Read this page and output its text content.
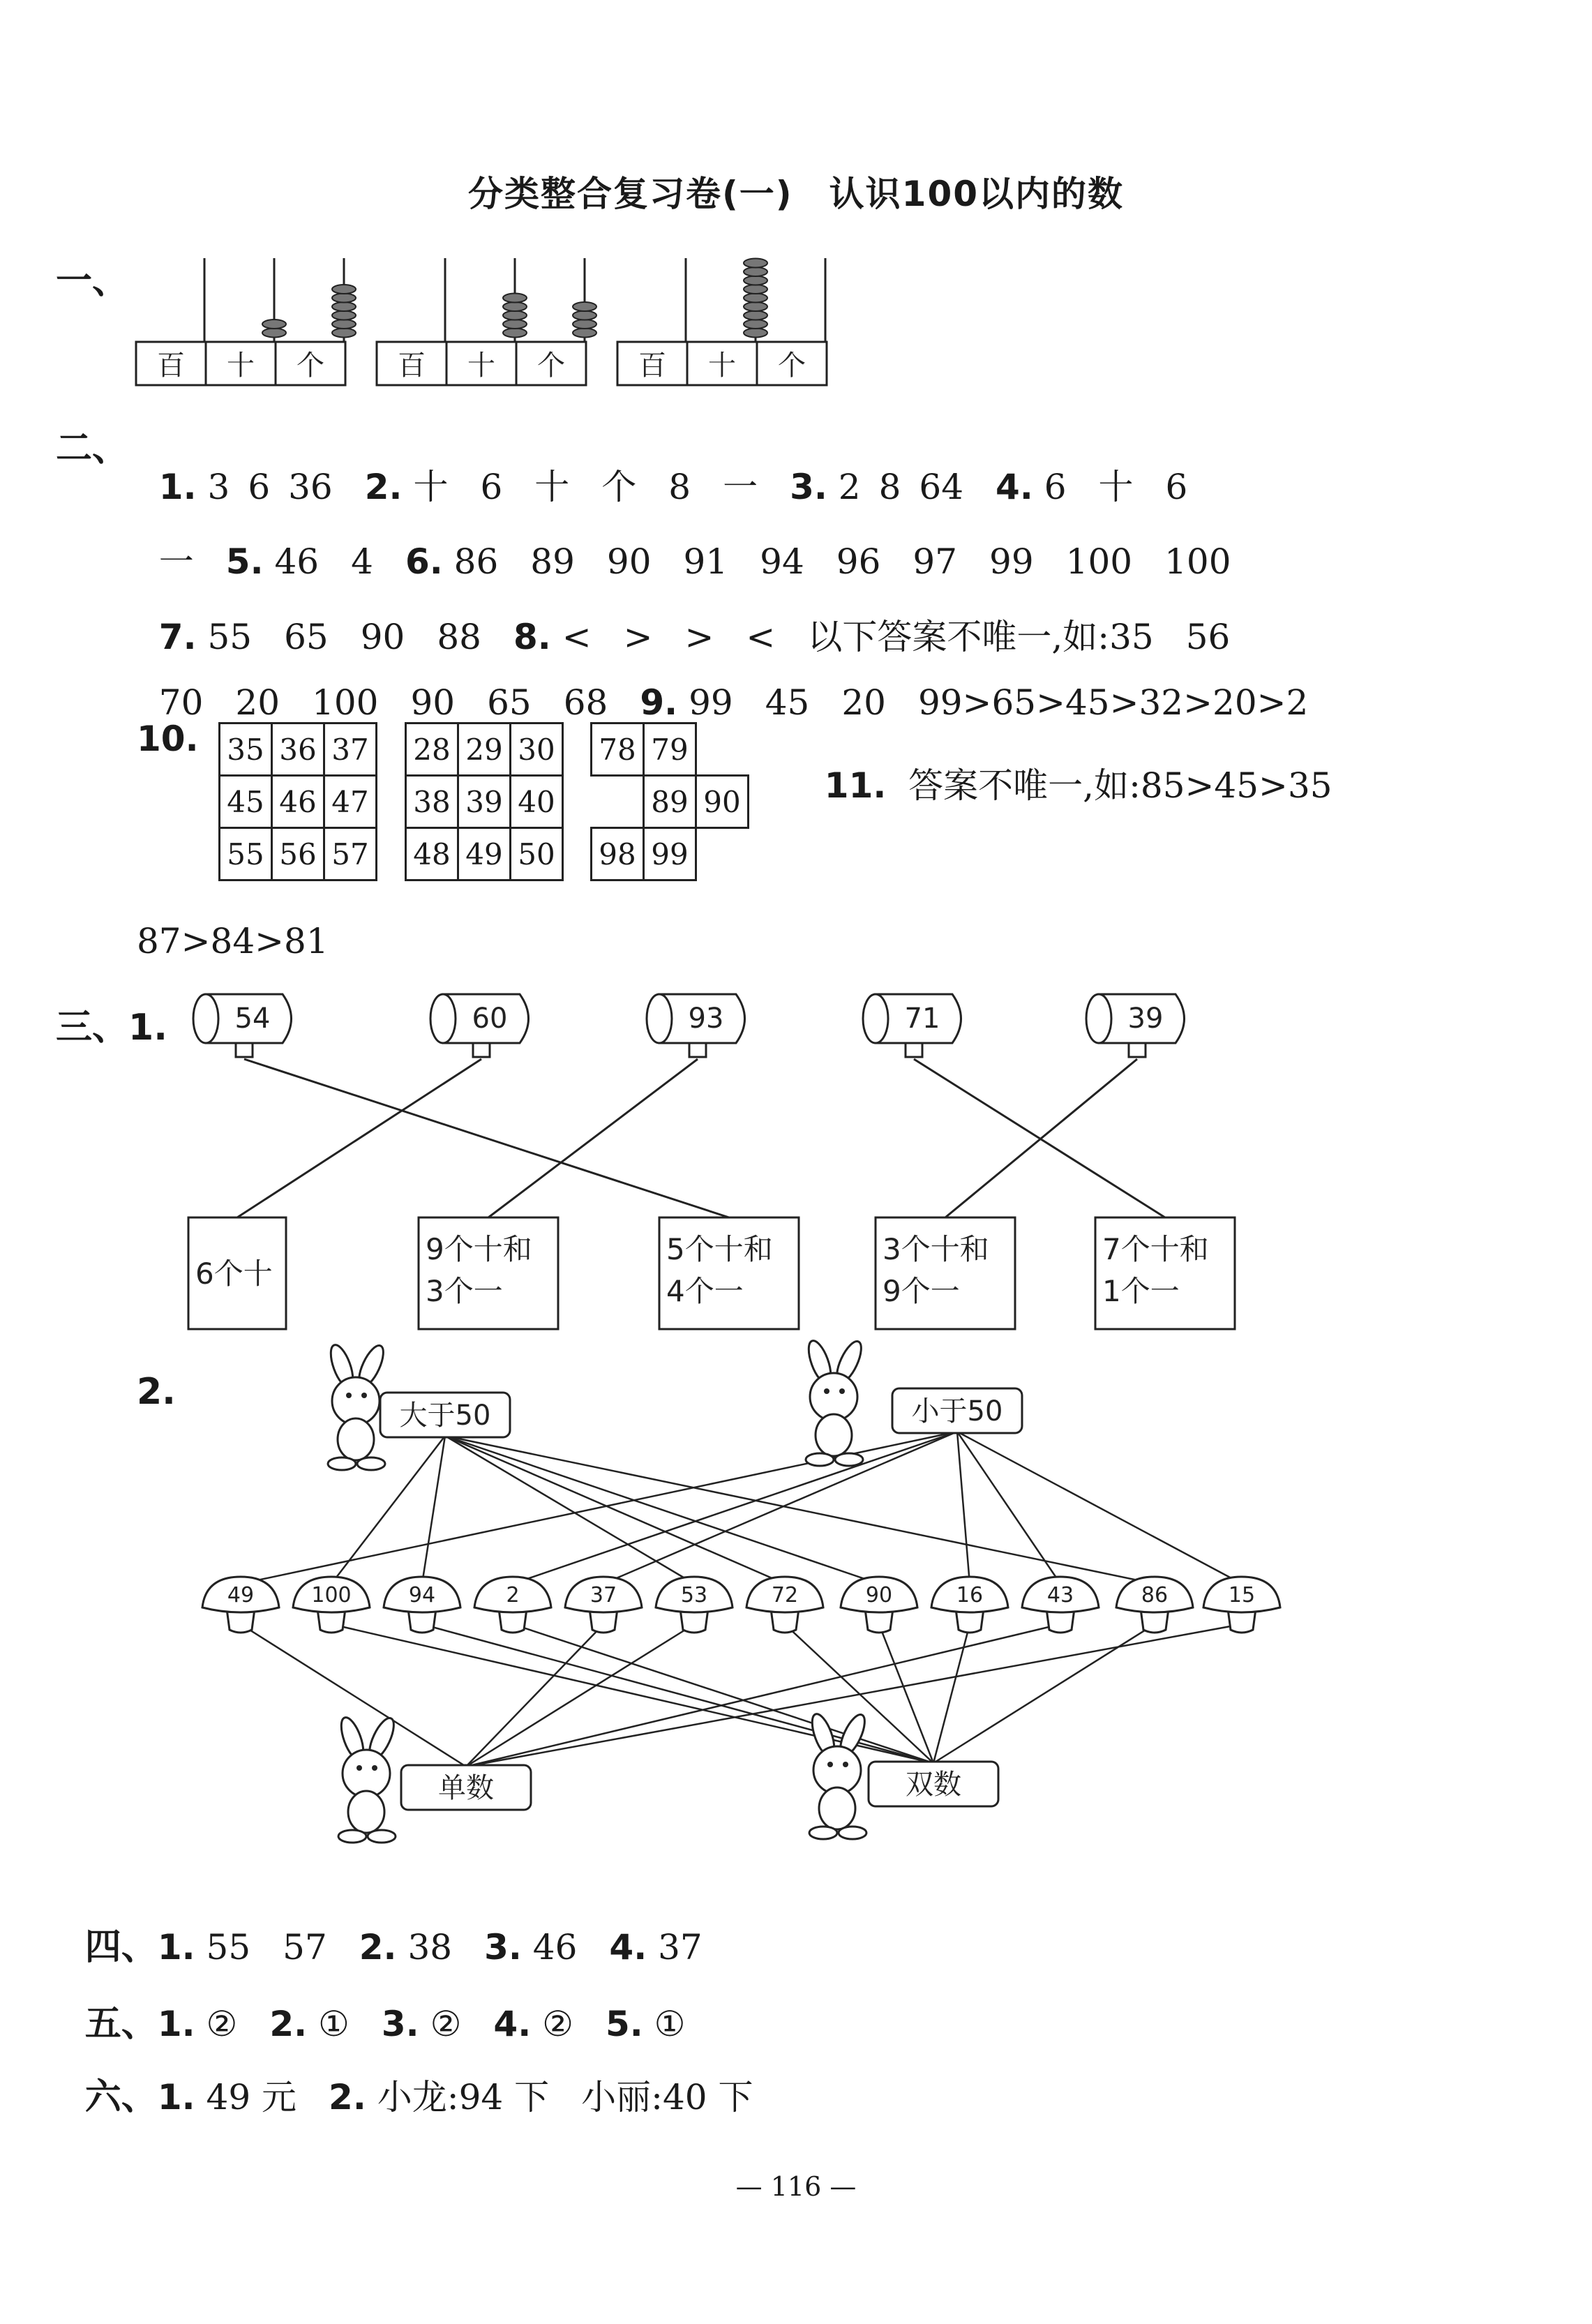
分类整合复习卷(一)　认识100以内的数
一、
百 十 个	百 十 个	百 十 个
二、

1. 3 6 36 2. 十 6 十 个 8 一 3. 2 8 64 4. 6 十 6

一 5. 46 4 6. 86 89 90 91 94 96 97 99 100 100

7. 55 65 90 88 8. < > > < 以下答案不唯一,如:35 56

70 20 100 90 65 68 9. 99 45 20 99>65>45>32>20>2

10. 35	36	37
45	46	47
55	56	57
28	29	30
38	39	40
48	49	50
78	79	
	89	90
98	99	

11. 答案不唯一,如:85>45>35

87>84>81
三、1.
2.
54	60	93	71	39
6个十
9个十和
3个一
5个十和
4个一
3个十和
9个一
7个十和
1个一
大于50	小于50
单数	双数
49	100	94	2	37	53	72	90	16	43	86	15

四、1. 55 57 2. 38 3. 46 4. 37

五、1. ② 2. ① 3. ② 4. ② 5. ①

六、1. 49 元 2. 小龙:94 下 小丽:40 下

— 116 —
